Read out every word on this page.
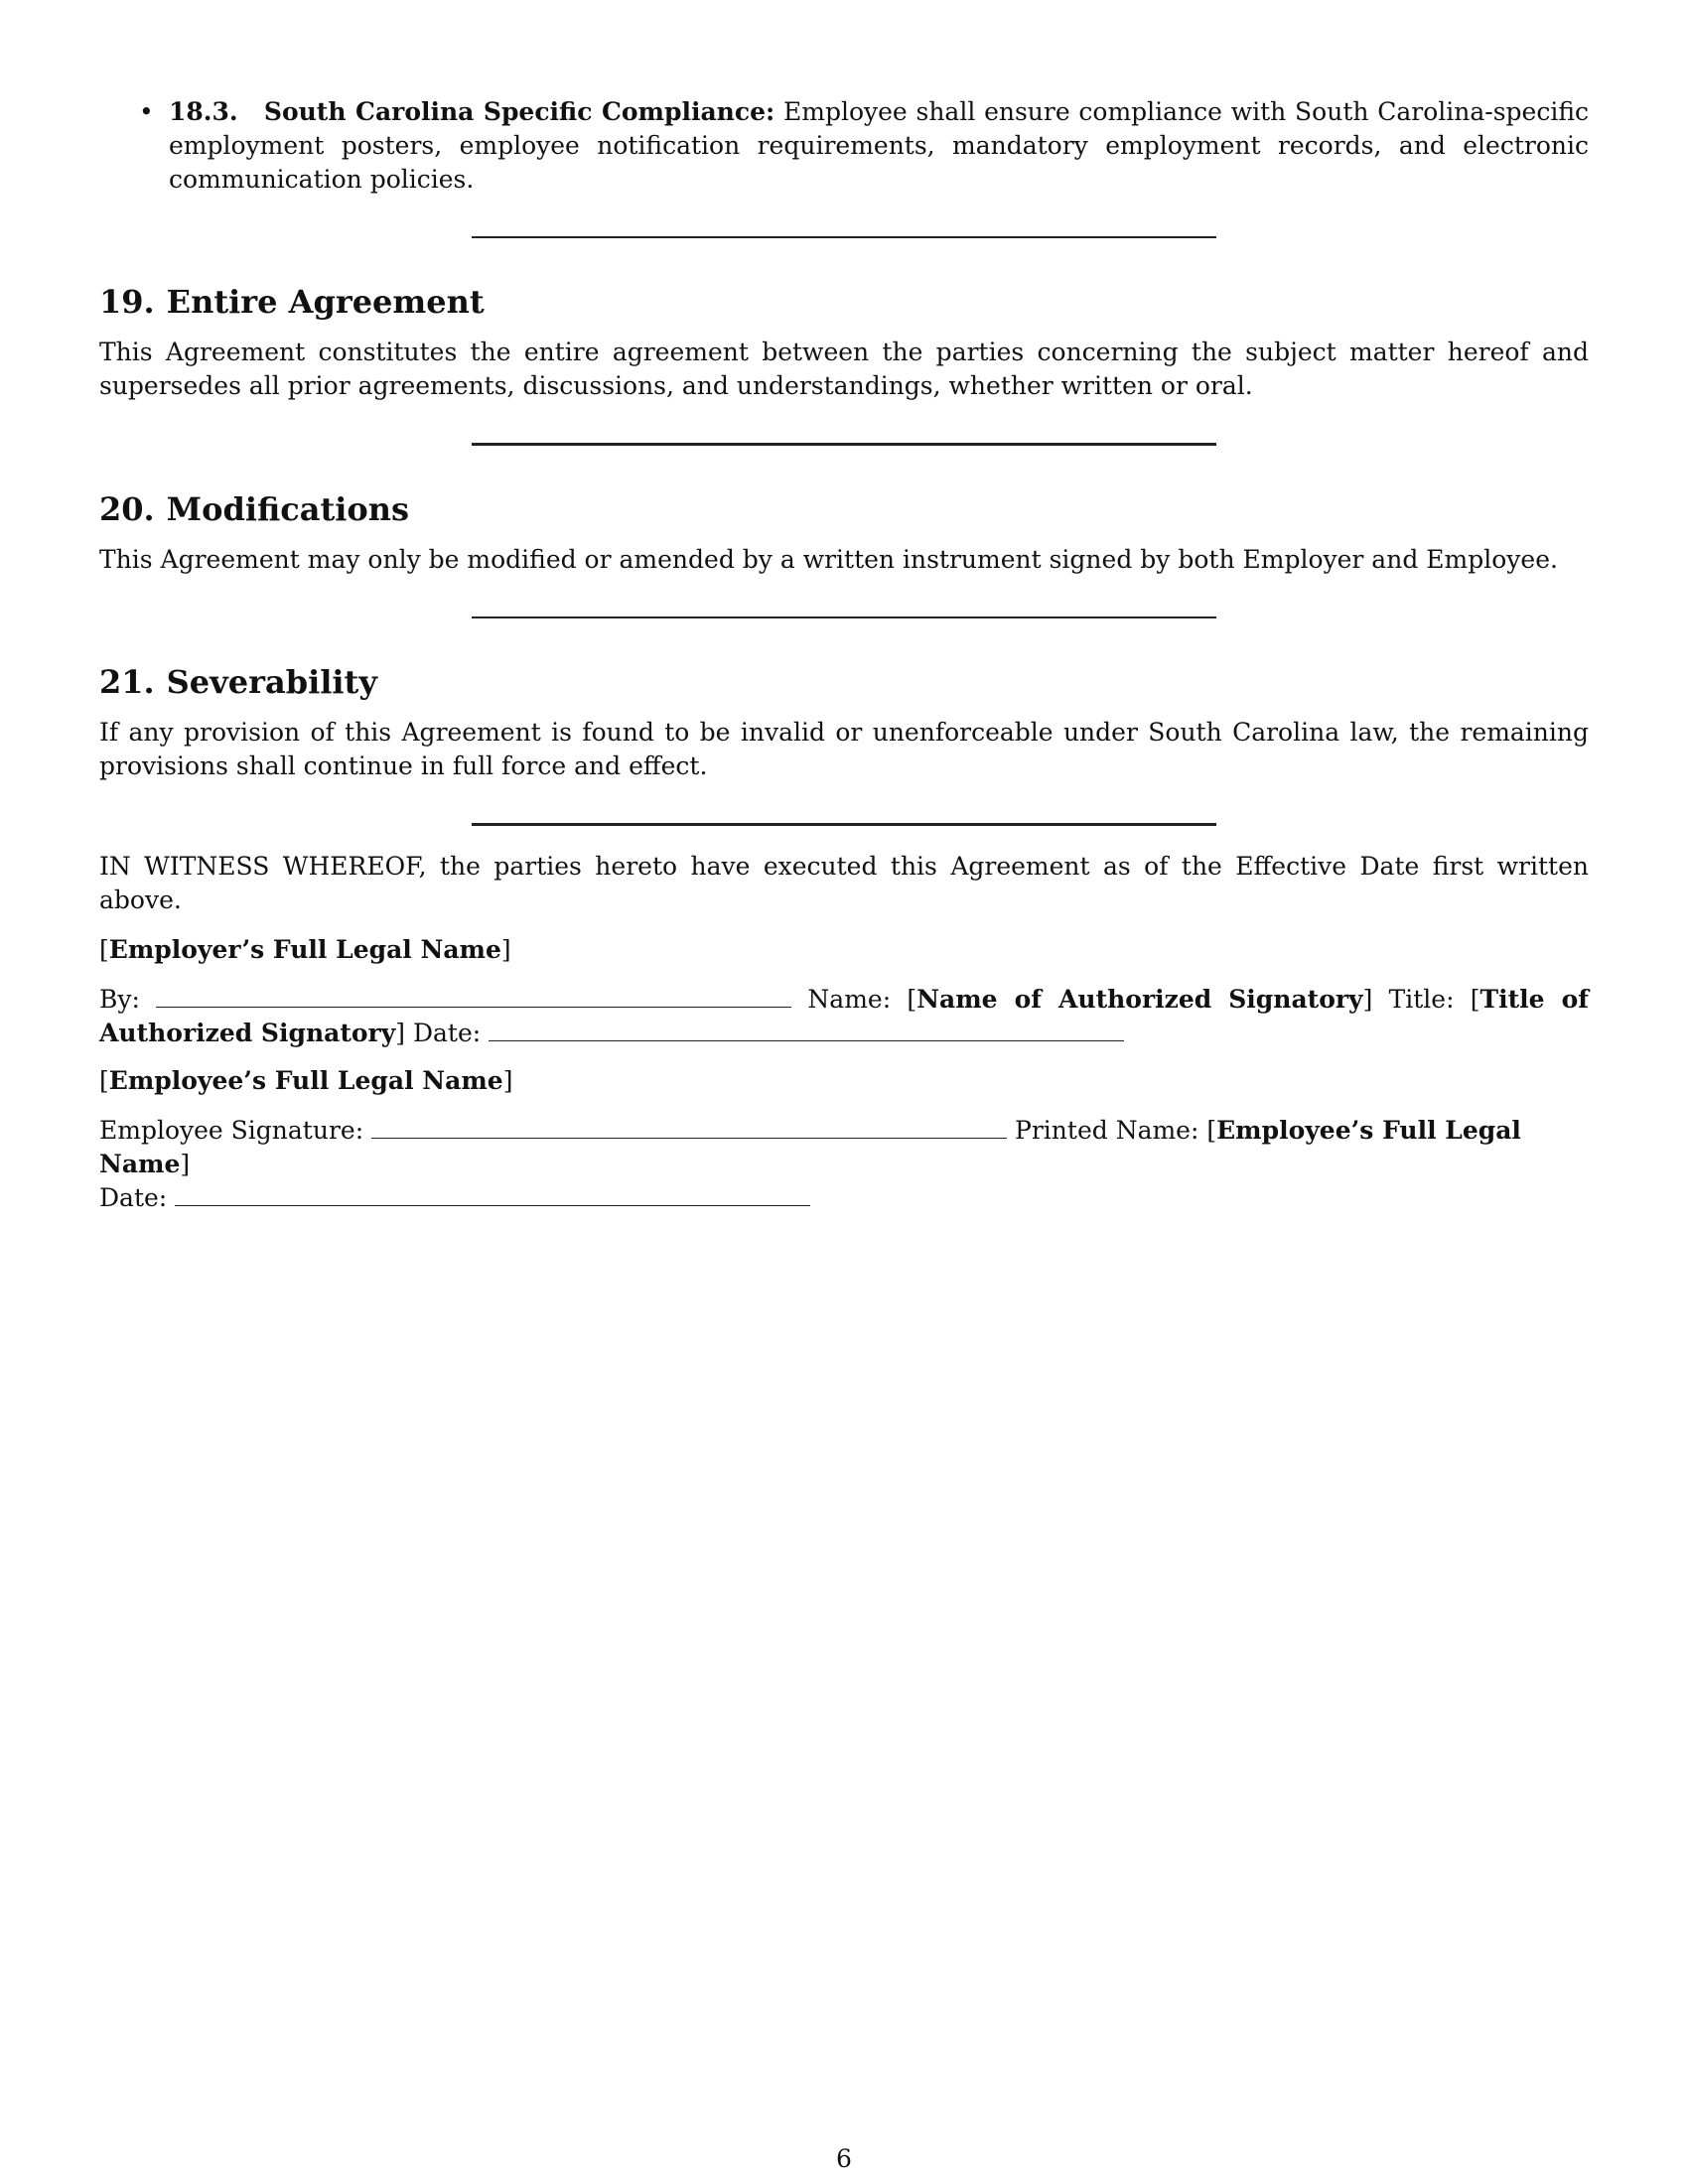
• 18.3. South Carolina Specific Compliance: Employee shall ensure compliance with South Carolina-specific employment posters, employee notification requirements, mandatory employment records, and electronic communication policies.

19. Entire Agreement

This Agreement constitutes the entire agreement between the parties concerning the subject matter hereof and supersedes all prior agreements, discussions, and understandings, whether written or oral.

20. Modifications

This Agreement may only be modified or amended by a written instrument signed by both Employer and Employee.

21. Severability

If any provision of this Agreement is found to be invalid or unenforceable under South Carolina law, the remaining provisions shall continue in full force and effect.

IN WITNESS WHEREOF, the parties hereto have executed this Agreement as of the Effective Date first written above.

[Employer’s Full Legal Name]

By:	Name: [Name of Authorized Signatory] Title: [Title of Authorized Signatory] Date:

[Employee’s Full Legal Name]

Employee Signature:	Printed Name: [Employee’s Full Legal Name]
Date:

6
